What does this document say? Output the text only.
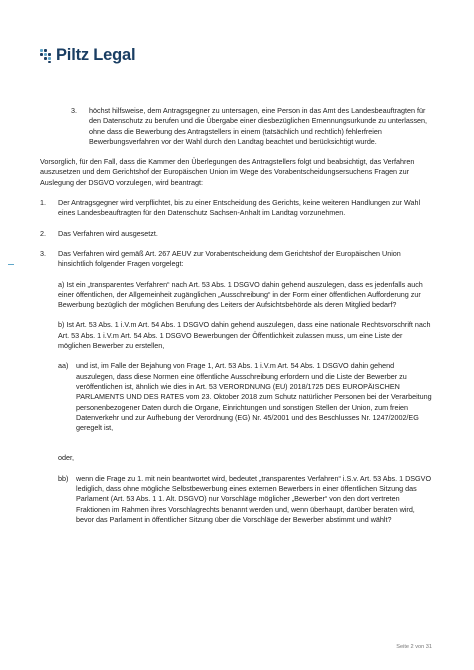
Piltz Legal
3.	höchst hilfsweise, dem Antragsgegner zu untersagen, eine Person in das Amt des Landesbeauftragten für den Datenschutz zu berufen und die Übergabe einer diesbezüglichen Ernennungsurkunde zu unterlassen, ohne dass die Bewerbung des Antragstellers in einem (tatsächlich und rechtlich) fehlerfreien Bewerbungsverfahren vor der Wahl durch den Landtag beachtet und berücksichtigt wurde.

Vorsorglich, für den Fall, dass die Kammer den Überlegungen des Antragstellers folgt und beabsichtigt, das Verfahren auszusetzen und dem Gerichtshof der Europäischen Union im Wege des Vorabentscheidungsersuchens Fragen zur Auslegung der DSGVO vorzulegen, wird beantragt:

1.	Der Antragsgegner wird verpflichtet, bis zu einer Entscheidung des Gerichts, keine weiteren Handlungen zur Wahl eines Landesbeauftragten für den Datenschutz Sachsen-Anhalt im Landtag vorzunehmen.

2.	Das Verfahren wird ausgesetzt.

3.	Das Verfahren wird gemäß Art. 267 AEUV zur Vorabentscheidung dem Gerichtshof der Europäischen Union hinsichtlich folgender Fragen vorgelegt:

a) Ist ein „transparentes Verfahren“ nach Art. 53 Abs. 1 DSGVO dahin gehend auszulegen, dass es jedenfalls auch einer öffentlichen, der Allgemeinheit zugänglichen „Ausschreibung“ in der Form einer öffentlichen Aufforderung zur Bewerbung bezüglich der möglichen Berufung des Leiters der Aufsichtsbehörde als deren Mitglied bedarf?

b) Ist Art. 53 Abs. 1 i.V.m Art. 54 Abs. 1 DSGVO dahin gehend auszulegen, dass eine nationale Rechtsvorschrift nach Art. 53 Abs. 1 i.V.m Art. 54 Abs. 1 DSGVO Bewerbungen der Öffentlichkeit zulassen muss, um eine Liste der möglichen Bewerber zu erstellen,

aa)	und ist, im Falle der Bejahung von Frage 1, Art. 53 Abs. 1 i.V.m Art. 54 Abs. 1 DSGVO dahin gehend auszulegen, dass diese Normen eine öffentliche Ausschreibung erfordern und die Liste der Bewerber zu veröffentlichen ist, ähnlich wie dies in Art. 53 VERORDNUNG (EU) 2018/1725 DES EUROPÄISCHEN PARLAMENTS UND DES RATES vom 23. Oktober 2018 zum Schutz natürlicher Personen bei der Verarbeitung personenbezogener Daten durch die Organe, Einrichtungen und sonstigen Stellen der Union, zum freien Datenverkehr und zur Aufhebung der Verordnung (EG) Nr. 45/2001 und des Beschlusses Nr. 1247/2002/EG geregelt ist,

oder,

bb)	wenn die Frage zu 1. mit nein beantwortet wird, bedeutet „transparentes Verfahren“ i.S.v. Art. 53 Abs. 1 DSGVO lediglich, dass ohne mögliche Selbstbewerbung eines externen Bewerbers in einer öffentlichen Sitzung das Parlament (Art. 53 Abs. 1 1. Alt. DSGVO) nur Vorschläge möglicher „Bewerber“ von den dort vertreten Fraktionen im Rahmen ihres Vorschlagrechts benannt werden und, wenn überhaupt, darüber beraten wird, bevor das Parlament in öffentlicher Sitzung über die Vorschläge der Bewerber abstimmt und wählt?

Seite 2 von 31
